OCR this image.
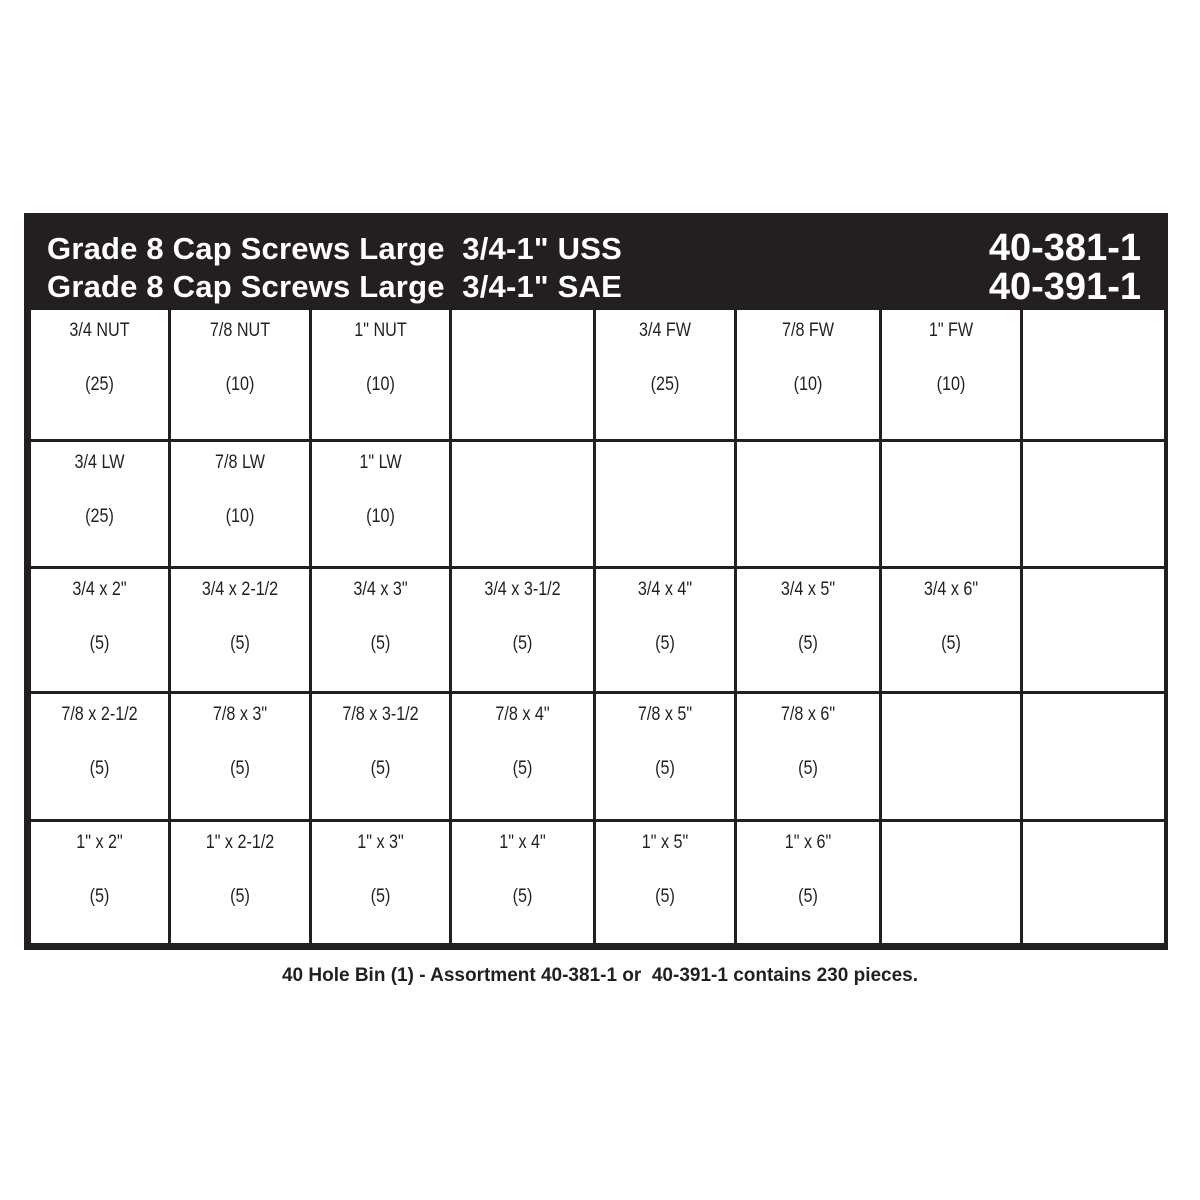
Grade 8 Cap Screws Large  3/4-1" USS
Grade 8 Cap Screws Large  3/4-1" SAE
40-381-1
40-391-1
3/4 NUT
(25)
7/8 NUT
(10)
1" NUT
(10)
3/4 FW
(25)
7/8 FW
(10)
1" FW
(10)
3/4 LW
(25)
7/8 LW
(10)
1" LW
(10)
3/4 x 2"
(5)
3/4 x 2-1/2
(5)
3/4 x 3"
(5)
3/4 x 3-1/2
(5)
3/4 x 4"
(5)
3/4 x 5"
(5)
3/4 x 6"
(5)
7/8 x 2-1/2
(5)
7/8 x 3"
(5)
7/8 x 3-1/2
(5)
7/8 x 4"
(5)
7/8 x 5"
(5)
7/8 x 6"
(5)
1" x 2"
(5)
1" x 2-1/2
(5)
1" x 3"
(5)
1" x 4"
(5)
1" x 5"
(5)
1" x 6"
(5)
40 Hole Bin (1) - Assortment 40-381-1 or  40-391-1 contains 230 pieces.
